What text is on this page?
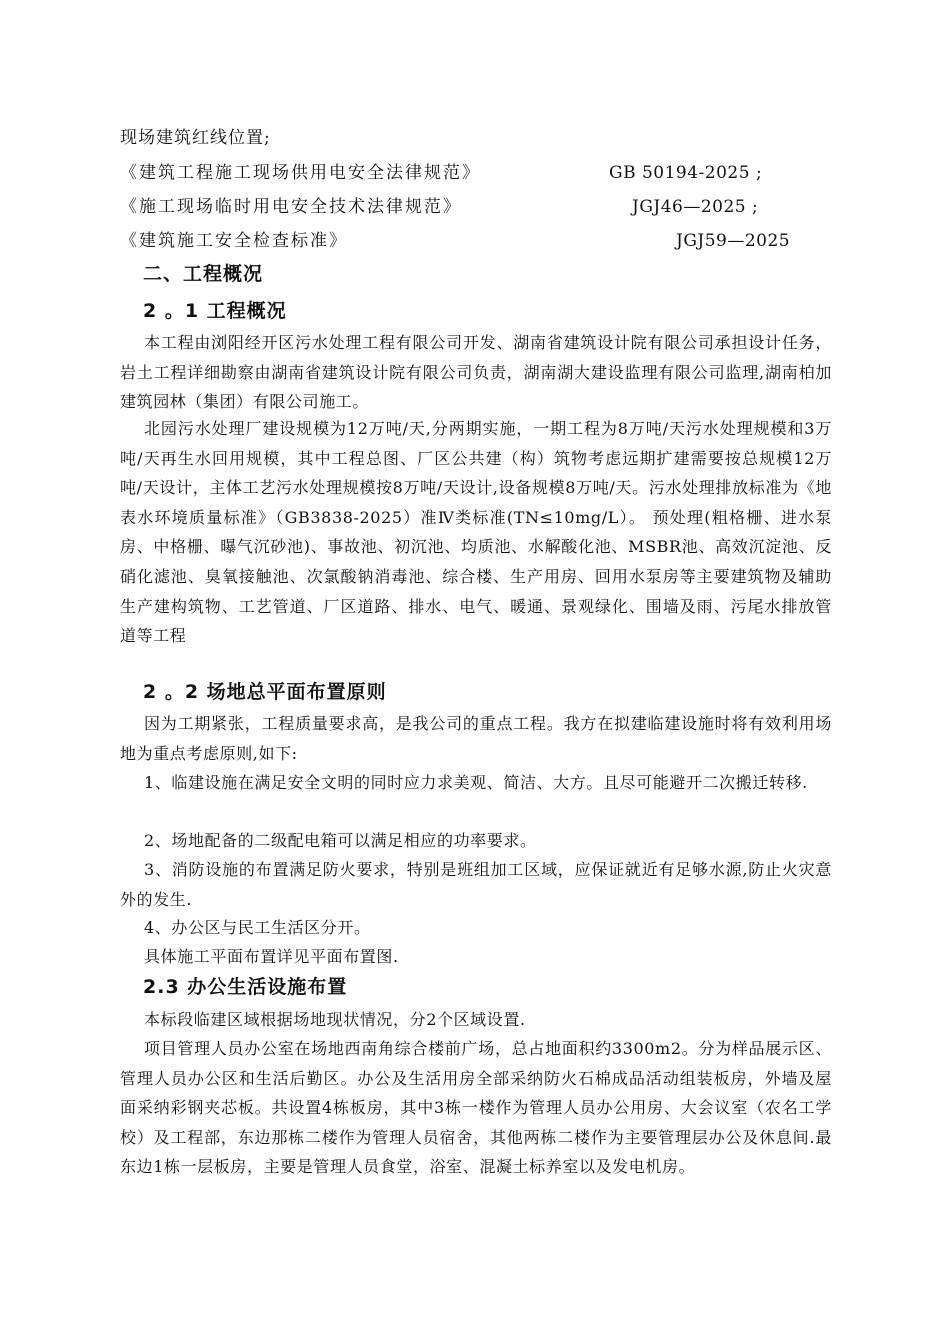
现场建筑红线位置;
《建筑工程施工现场供用电安全法律规范》	GB 50194-2025 ;
《施工现场临时用电安全技术法律规范》	JGJ46—2025 ;
《建筑施工安全检查标准》	JGJ59—2025
二、工程概况
2 。1 工程概况
本工程由浏阳经开区污水处理工程有限公司开发、湖南省建筑设计院有限公司承担设计任务，岩土工程详细勘察由湖南省建筑设计院有限公司负责，湖南湖大建设监理有限公司监理,湖南柏加建筑园林（集团）有限公司施工。
北园污水处理厂建设规模为12万吨/天,分两期实施，一期工程为8万吨/天污水处理规模和3万吨/天再生水回用规模，其中工程总图、厂区公共建（构）筑物考虑远期扩建需要按总规模12万吨/天设计，主体工艺污水处理规模按8万吨/天设计,设备规模8万吨/天。污水处理排放标准为《地表水环境质量标准》（GB3838-2025）准Ⅳ类标准(TN≤10mg/L）。 预处理(粗格栅、进水泵房、中格栅、曝气沉砂池)、事故池、初沉池、均质池、水解酸化池、MSBR池、高效沉淀池、反硝化滤池、臭氧接触池、次氯酸钠消毒池、综合楼、生产用房、回用水泵房等主要建筑物及辅助生产建构筑物、工艺管道、厂区道路、排水、电气、暖通、景观绿化、围墙及雨、污尾水排放管道等工程
2 。2 场地总平面布置原则
因为工期紧张，工程质量要求高，是我公司的重点工程。我方在拟建临建设施时将有效利用场地为重点考虑原则,如下:
1、临建设施在满足安全文明的同时应力求美观、简洁、大方。且尽可能避开二次搬迁转移.
2、场地配备的二级配电箱可以满足相应的功率要求。
3、消防设施的布置满足防火要求，特别是班组加工区域，应保证就近有足够水源,防止火灾意外的发生.
4、办公区与民工生活区分开。
具体施工平面布置详见平面布置图.
2.3 办公生活设施布置
本标段临建区域根据场地现状情况，分2个区域设置.
项目管理人员办公室在场地西南角综合楼前广场，总占地面积约3300m2。分为样品展示区、管理人员办公区和生活后勤区。办公及生活用房全部采纳防火石棉成品活动组装板房，外墙及屋面采纳彩钢夹芯板。共设置4栋板房，其中3栋一楼作为管理人员办公用房、大会议室（农名工学校）及工程部，东边那栋二楼作为管理人员宿舍，其他两栋二楼作为主要管理层办公及休息间.最东边1栋一层板房，主要是管理人员食堂，浴室、混凝土标养室以及发电机房。
